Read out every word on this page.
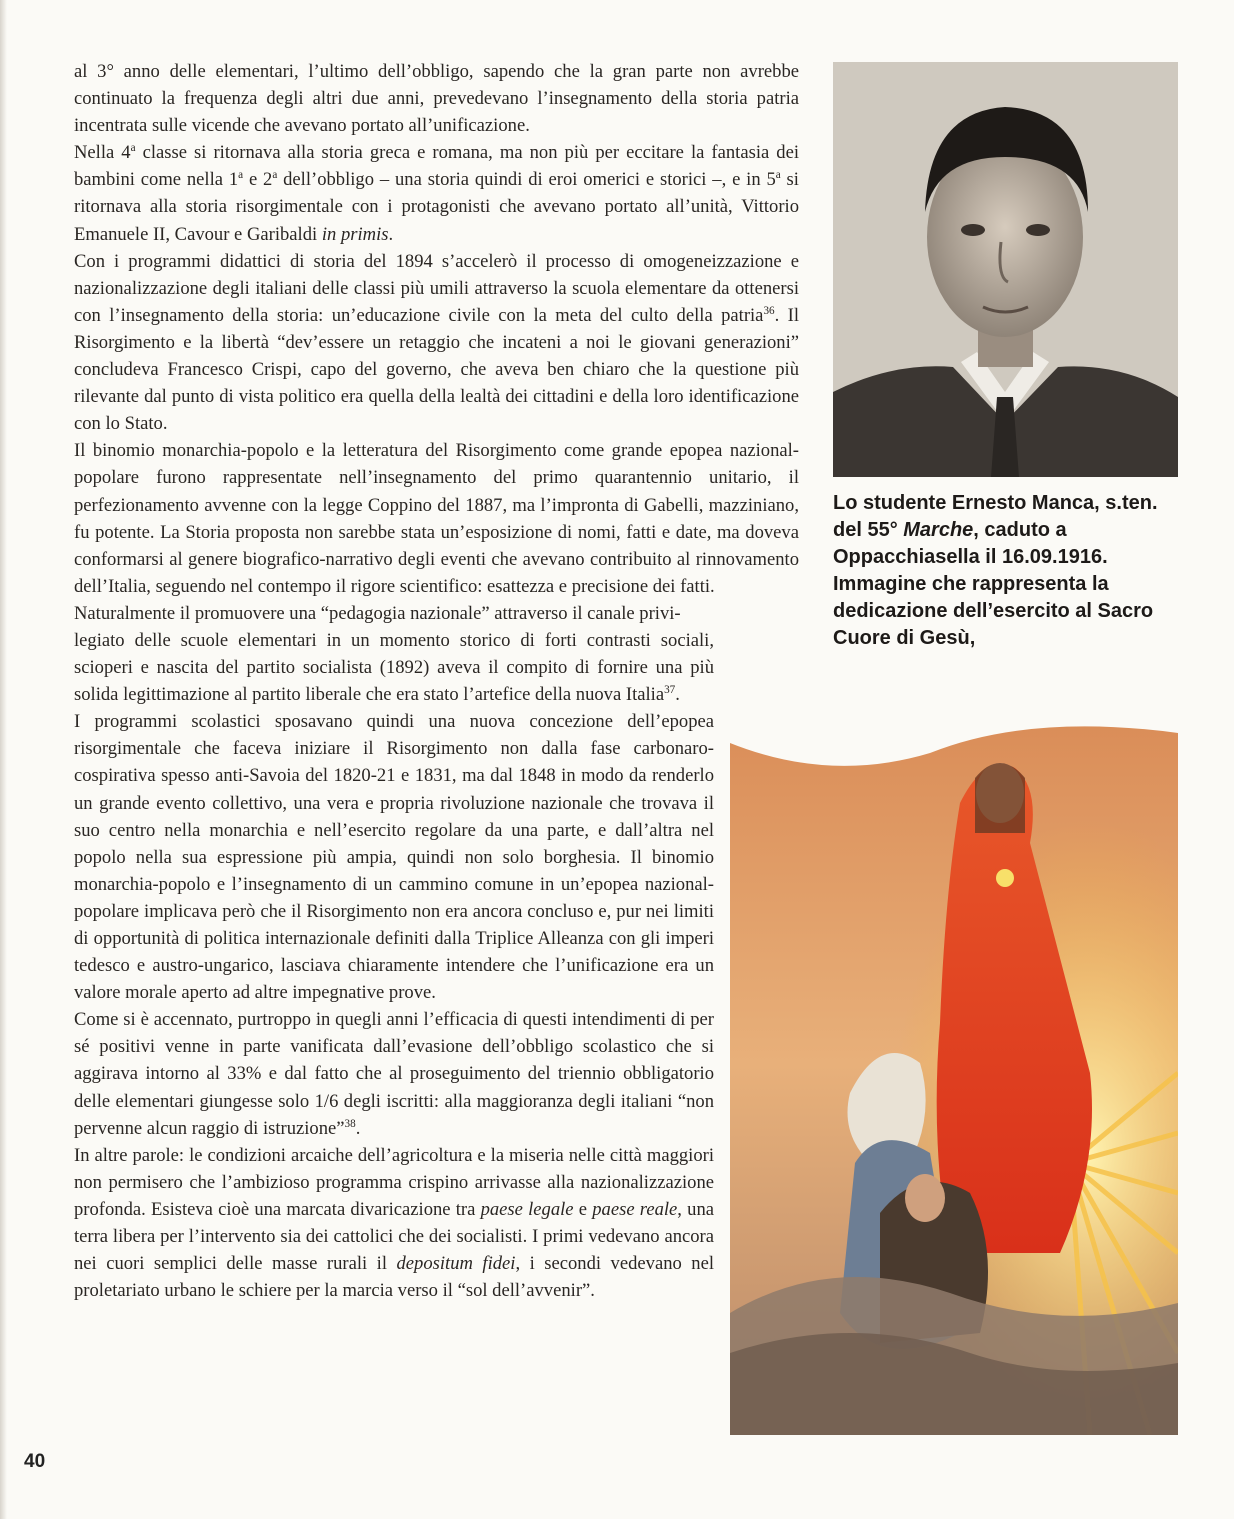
al 3° anno delle elementari, l’ultimo dell’obbligo, sapendo che la gran parte non avrebbe continuato la frequenza degli altri due anni, prevedevano l’insegnamento della storia patria incentrata sulle vicende che avevano portato all’unificazione.

Nella 4$^a$ classe si ritornava alla storia greca e romana, ma non più per eccitare la fantasia dei bambini come nella 1$^a$ e 2$^a$ dell’obbligo – una storia quindi di eroi omerici e storici –, e in 5$^a$ si ritornava alla storia risorgimentale con i protagonisti che avevano portato all’unità, Vittorio Emanuele II, Cavour e Garibaldi in primis.

Con i programmi didattici di storia del 1894 s’accelerò il processo di omogeneizzazione e nazionalizzazione degli italiani delle classi più umili attraverso la scuola elementare da ottenersi con l’insegnamento della storia: un’educazione civile con la meta del culto della patria$^{36}$. Il Risorgimento e la libertà “dev’essere un retaggio che incateni a noi le giovani generazioni” concludeva Francesco Crispi, capo del governo, che aveva ben chiaro che la questione più rilevante dal punto di vista politico era quella della lealtà dei cittadini e della loro identificazione con lo Stato.

Il binomio monarchia-popolo e la letteratura del Risorgimento come grande epopea nazional-popolare furono rappresentate nell’insegnamento del primo quarantennio unitario, il perfezionamento avvenne con la legge Coppino del 1887, ma l’impronta di Gabelli, mazziniano, fu potente. La Storia proposta non sarebbe stata un’esposizione di nomi, fatti e date, ma doveva conformarsi al genere biografico-narrativo degli eventi che avevano contribuito al rinnovamento dell’Italia, seguendo nel contempo il rigore scientifico: esattezza e precisione dei fatti.

Naturalmente il promuovere una “pedagogia nazionale” attraverso il canale privi-

legiato delle scuole elementari in un momento storico di forti contrasti sociali, scioperi e nascita del partito socialista (1892) aveva il compito di fornire una più solida legittimazione al partito liberale che era stato l’artefice della nuova Italia$^{37}$.

I programmi scolastici sposavano quindi una nuova concezione dell’epopea risorgimentale che faceva iniziare il Risorgimento non dalla fase carbonaro-cospirativa spesso anti-Savoia del 1820-21 e 1831, ma dal 1848 in modo da renderlo un grande evento collettivo, una vera e propria rivoluzione nazionale che trovava il suo centro nella monarchia e nell’esercito regolare da una parte, e dall’altra nel popolo nella sua espressione più ampia, quindi non solo borghesia. Il binomio monarchia-popolo e l’insegnamento di un cammino comune in un’epopea nazional-popolare implicava però che il Risorgimento non era ancora concluso e, pur nei limiti di opportunità di politica internazionale definiti dalla Triplice Alleanza con gli imperi tedesco e austro-ungarico, lasciava chiaramente intendere che l’unificazione era un valore morale aperto ad altre impegnative prove.

Come si è accennato, purtroppo in quegli anni l’efficacia di questi intendimenti di per sé positivi venne in parte vanificata dall’evasione dell’obbligo scolastico che si aggirava intorno al 33% e dal fatto che al proseguimento del triennio obbligatorio delle elementari giungesse solo 1/6 degli iscritti: alla maggioranza degli italiani “non pervenne alcun raggio di istruzione”$^{38}$.

In altre parole: le condizioni arcaiche dell’agricoltura e la miseria nelle città maggiori non permisero che l’ambizioso programma crispino arrivasse alla nazionalizzazione profonda. Esisteva cioè una marcata divaricazione tra paese legale e paese reale, una terra libera per l’intervento sia dei cattolici che dei socialisti. I primi vedevano ancora nei cuori semplici delle masse rurali il depositum fidei, i secondi vedevano nel proletariato urbano le schiere per la marcia verso il “sol dell’avvenir”.

Lo studente Ernesto Manca, s.ten. del 55° Marche, caduto a Oppacchiasella il 16.09.1916. Immagine che rappresenta la dedicazione dell’esercito al Sacro Cuore di Gesù,
40
